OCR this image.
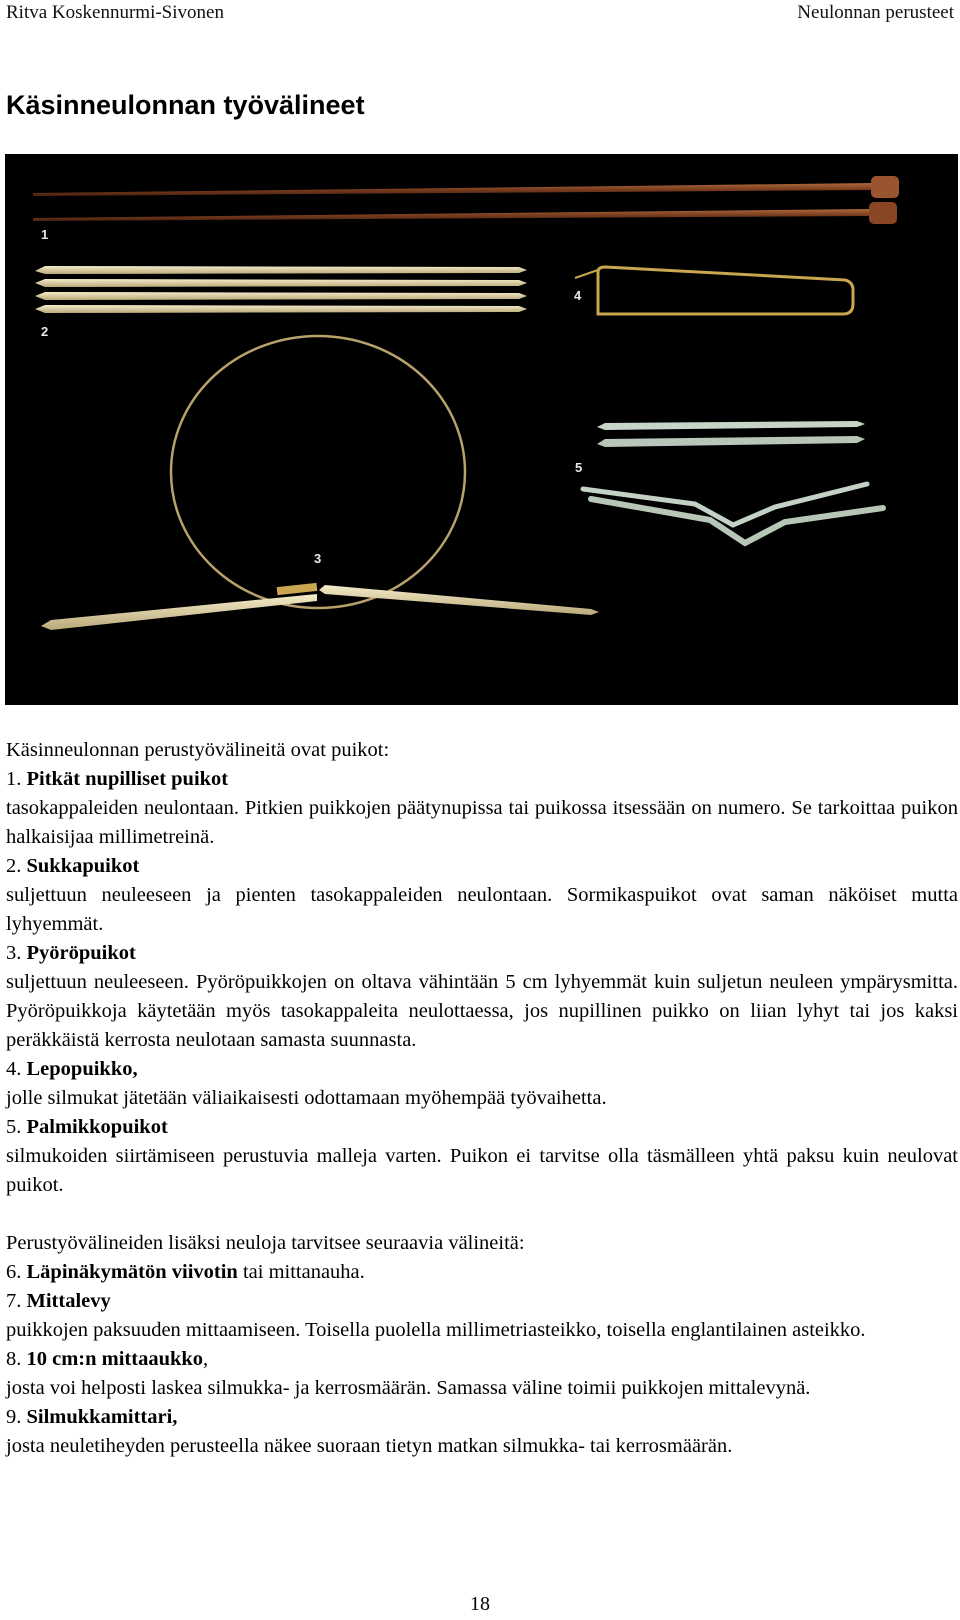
Ritva Koskennurmi-Sivonen	Neulonnan perusteet
Käsinneulonnan työvälineet
1
2
4
3
5

Käsinneulonnan perustyövälineitä ovat puikot:

1. Pitkät nupilliset puikot

tasokappaleiden neulontaan. Pitkien puikkojen päätynupissa tai puikossa itsessään on numero. Se tarkoittaa puikon halkaisijaa millimetreinä.

2. Sukkapuikot

suljettuun neuleeseen ja pienten tasokappaleiden neulontaan. Sormikaspuikot ovat saman näköiset mutta lyhyemmät.

3. Pyöröpuikot

suljettuun neuleeseen. Pyöröpuikkojen on oltava vähintään 5 cm lyhyemmät kuin suljetun neuleen ympärysmitta. Pyöröpuikkoja käytetään myös tasokappaleita neulottaessa, jos nupillinen puikko on liian lyhyt tai jos kaksi peräkkäistä kerrosta neulotaan samasta suunnasta.

4. Lepopuikko,

jolle silmukat jätetään väliaikaisesti odottamaan myöhempää työvaihetta.

5. Palmikkopuikot

silmukoiden siirtämiseen perustuvia malleja varten. Puikon ei tarvitse olla täsmälleen yhtä paksu kuin neulovat puikot.

Perustyövälineiden lisäksi neuloja tarvitsee seuraavia välineitä:

6. Läpinäkymätön viivotin tai mittanauha.

7. Mittalevy

puikkojen paksuuden mittaamiseen. Toisella puolella millimetriasteikko, toisella englantilainen asteikko.

8. 10 cm:n mittaaukko,

josta voi helposti laskea silmukka- ja kerrosmäärän. Samassa väline toimii puikkojen mittalevynä.

9. Silmukkamittari,

josta neuletiheyden perusteella näkee suoraan tietyn matkan silmukka- tai kerrosmäärän.

18
